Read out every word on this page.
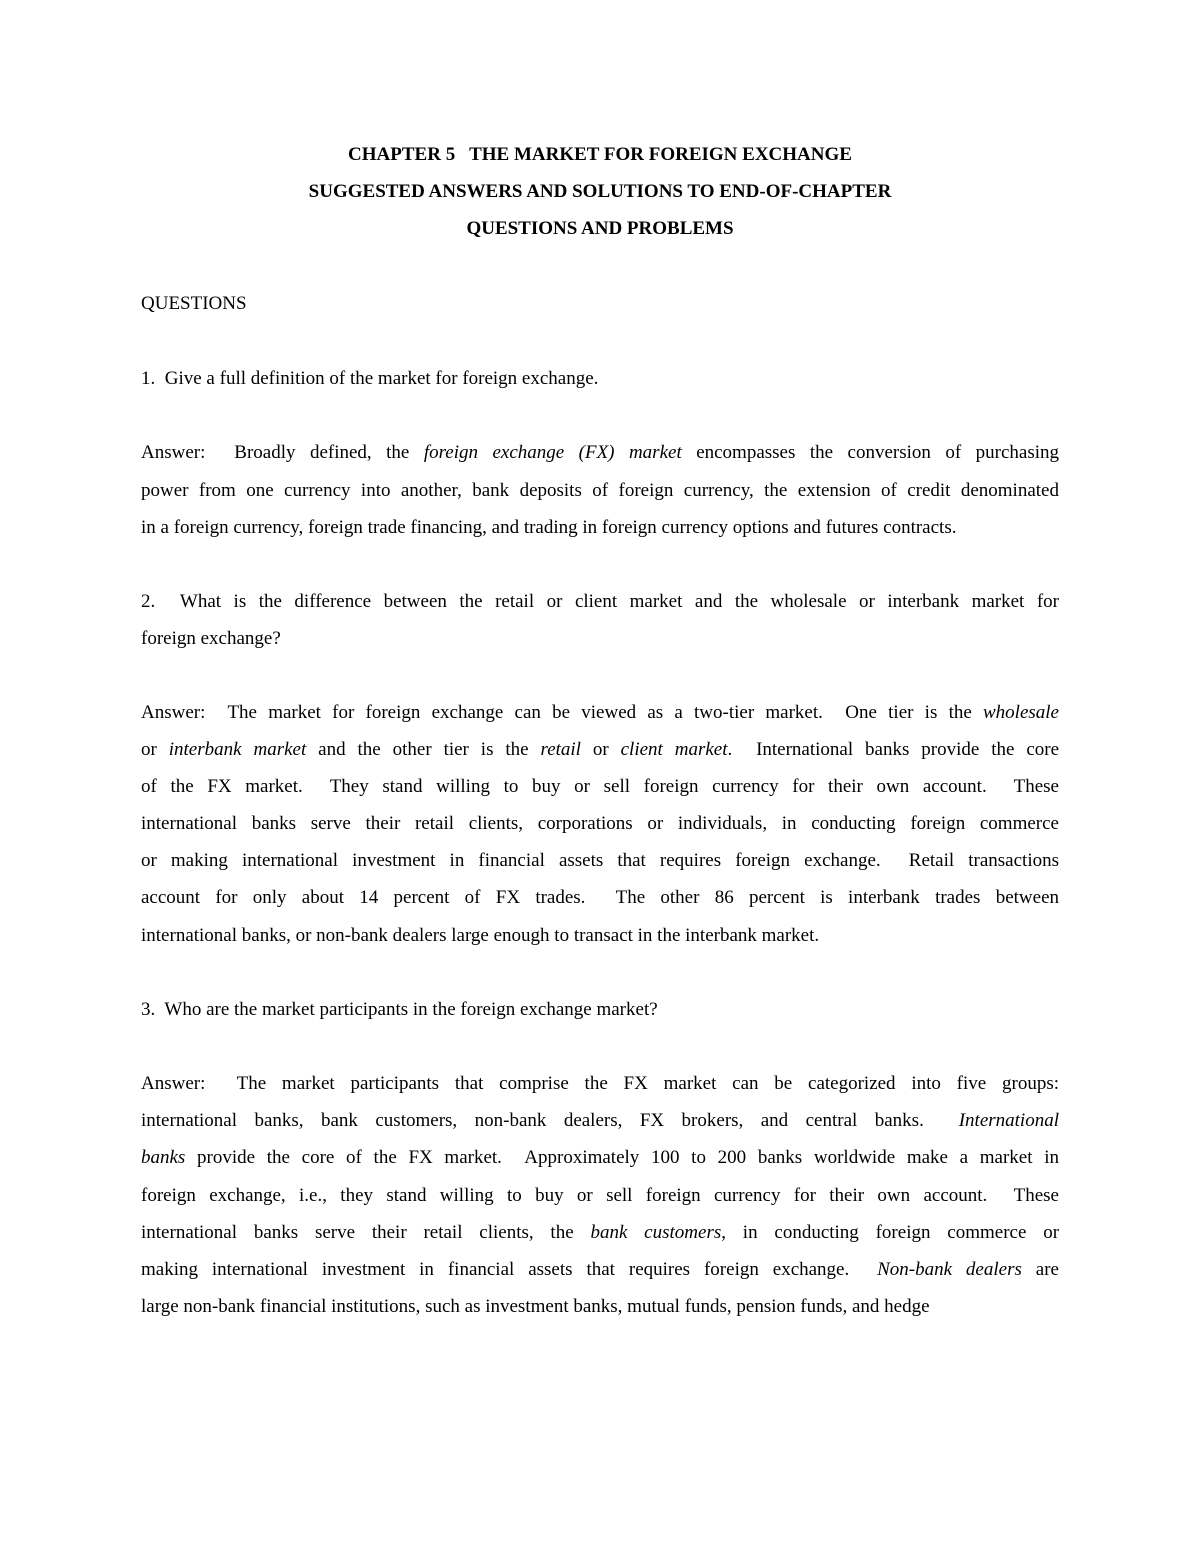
CHAPTER 5   THE MARKET FOR FOREIGN EXCHANGE
SUGGESTED ANSWERS AND SOLUTIONS TO END-OF-CHAPTER
QUESTIONS AND PROBLEMS
QUESTIONS
1.  Give a full definition of the market for foreign exchange.
Answer:  Broadly defined, the foreign exchange (FX) market encompasses the conversion of purchasing
power from one currency into another, bank deposits of foreign currency, the extension of credit denominated
in a foreign currency, foreign trade financing, and trading in foreign currency options and futures contracts.
2.  What is the difference between the retail or client market and the wholesale or interbank market for
foreign exchange?
Answer:  The market for foreign exchange can be viewed as a two-tier market.  One tier is the wholesale
or interbank market and the other tier is the retail or client market.  International banks provide the core
of the FX market.  They stand willing to buy or sell foreign currency for their own account.  These
international banks serve their retail clients, corporations or individuals, in conducting foreign commerce
or making international investment in financial assets that requires foreign exchange.  Retail transactions
account for only about 14 percent of FX trades.  The other 86 percent is interbank trades between
international banks, or non-bank dealers large enough to transact in the interbank market.
3.  Who are the market participants in the foreign exchange market?
Answer:  The market participants that comprise the FX market can be categorized into five groups:
international banks, bank customers, non-bank dealers, FX brokers, and central banks.  International
banks provide the core of the FX market.  Approximately 100 to 200 banks worldwide make a market in
foreign exchange, i.e., they stand willing to buy or sell foreign currency for their own account.  These
international banks serve their retail clients, the bank customers, in conducting foreign commerce or
making international investment in financial assets that requires foreign exchange.  Non-bank dealers are
large non-bank financial institutions, such as investment banks, mutual funds, pension funds, and hedge
